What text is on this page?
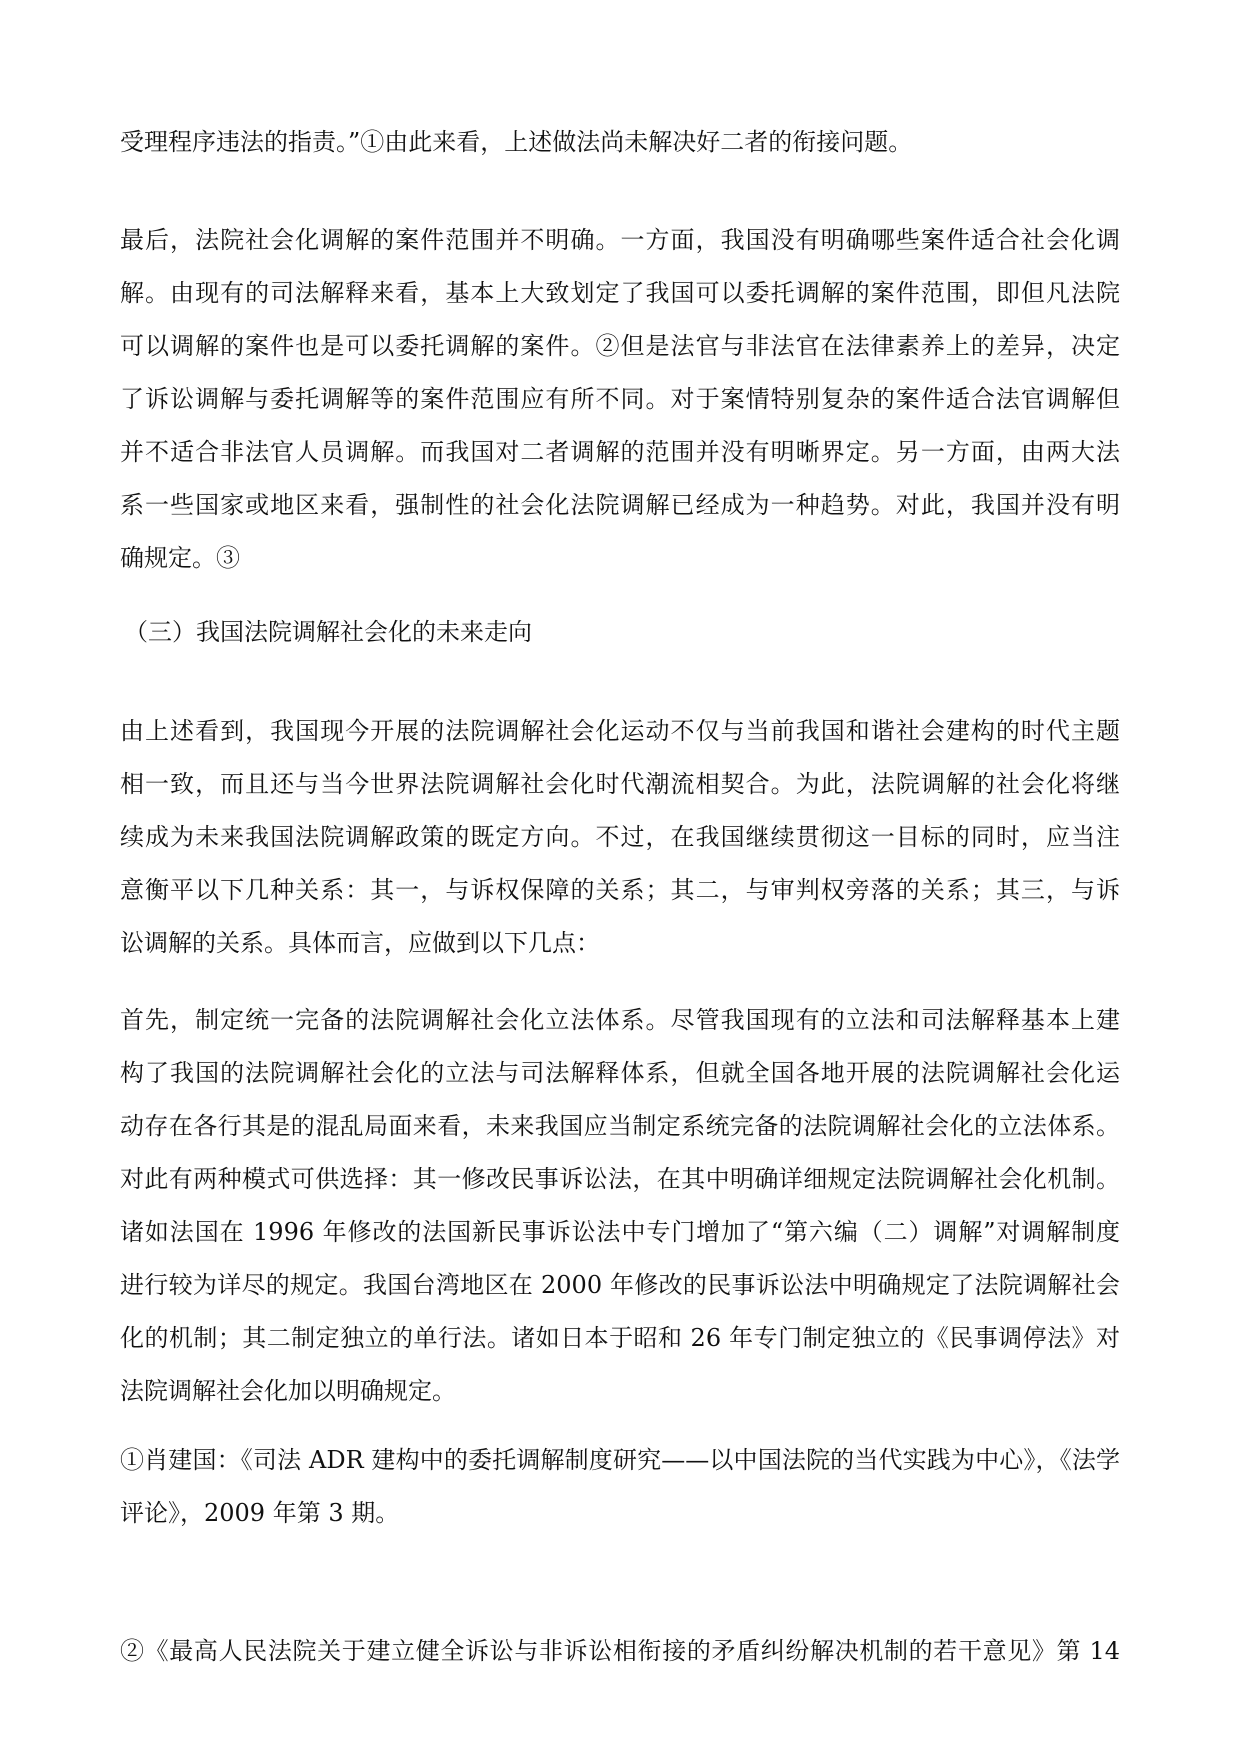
受理程序违法的指责。”①由此来看，上述做法尚未解决好二者的衔接问题。
最后，法院社会化调解的案件范围并不明确。一方面，我国没有明确哪些案件适合社会化调
解。由现有的司法解释来看，基本上大致划定了我国可以委托调解的案件范围，即但凡法院
可以调解的案件也是可以委托调解的案件。②但是法官与非法官在法律素养上的差异，决定
了诉讼调解与委托调解等的案件范围应有所不同。对于案情特别复杂的案件适合法官调解但
并不适合非法官人员调解。而我国对二者调解的范围并没有明晰界定。另一方面，由两大法
系一些国家或地区来看，强制性的社会化法院调解已经成为一种趋势。对此，我国并没有明
确规定。③
（三）我国法院调解社会化的未来走向
由上述看到，我国现今开展的法院调解社会化运动不仅与当前我国和谐社会建构的时代主题
相一致，而且还与当今世界法院调解社会化时代潮流相契合。为此，法院调解的社会化将继
续成为未来我国法院调解政策的既定方向。不过，在我国继续贯彻这一目标的同时，应当注
意衡平以下几种关系：其一，与诉权保障的关系；其二，与审判权旁落的关系；其三，与诉
讼调解的关系。具体而言，应做到以下几点：
首先，制定统一完备的法院调解社会化立法体系。尽管我国现有的立法和司法解释基本上建
构了我国的法院调解社会化的立法与司法解释体系，但就全国各地开展的法院调解社会化运
动存在各行其是的混乱局面来看，未来我国应当制定系统完备的法院调解社会化的立法体系。
对此有两种模式可供选择：其一修改民事诉讼法，在其中明确详细规定法院调解社会化机制。
诸如法国在 1996 年修改的法国新民事诉讼法中专门增加了“第六编（二）调解”对调解制度
进行较为详尽的规定。我国台湾地区在 2000 年修改的民事诉讼法中明确规定了法院调解社会
化的机制；其二制定独立的单行法。诸如日本于昭和 26 年专门制定独立的《民事调停法》对
法院调解社会化加以明确规定。
①肖建国：《司法 ADR 建构中的委托调解制度研究——以中国法院的当代实践为中心》，《法学
评论》，2009 年第 3 期。
②《最高人民法院关于建立健全诉讼与非诉讼相衔接的矛盾纠纷解决机制的若干意见》第 14
